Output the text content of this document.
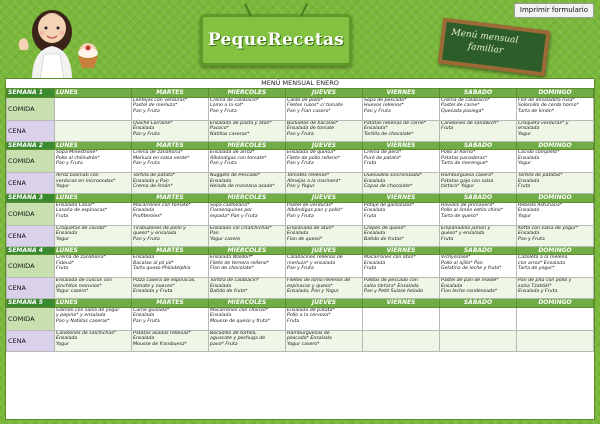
Imprimir formulario
PequeRecetas	Menú mensual
familiar
MENÚ MENSUAL ENERO
SEMANA 1	LUNES	MARTES	MIÉRCOLES	JUEVES	VIERNES	SÁBADO	DOMINGO
COMIDA		Lentejas con verduras*
Pastel de merluza*
Pan y Fruta	Crema de calabacín*
Lomo a la sal*
Pan y Fruta	Caldo de pollo*
Filetes rusos* c/ tomate
Pan y Flan casero*	Sopa de pescado*
Huevos rellenos*
Pan y Fruta	Crema de calabacín*
Pastel de carne*
Quesada pasiega*	Flor de ensaladilla rusa*
Solomillo de cerdo horno*
Tarta de limón*

CENA		Quiche Lorraine*
Ensalada
Pan y Fruta	Ensalada de pasta y atún*
Pacoco*
Natillas caseras*	Buñuelos de bacalao*
Ensalada de tomate
Pan y Fruta	Patatas rellenas de carne*
Ensalada*
Tortilla de chocolate*	Canelones de sándwich*
Fruta	Croqueta verduras* y
ensalada
Yogur

SEMANA 2	LUNES	MARTES	MIÉRCOLES	JUEVES	VIERNES	SÁBADO	DOMINGO
COMIDA	Sopa Minestrone*
Pollo al chilindrón*
Pan y Fruta	Crema de zanahoria*
Merluza en salsa verde*
Pan y Fruta	Ensalada de arroz*
Albóndigas con tomate*
Pan y Fruta	Ensalada de quinoa*
Filete de pollo relleno*
Pan y Fruta	Crema de pera*
Puré de patata*
Fruta	Pollo al horno*
Patatas panaderas*
Tarta de merengue*	Cocido completo*
Ensalada
Yogur

CENA	Arroz basmati con
verduras en microondas*
Yogur	Tortilla de patata*
Ensalada y Pan
Crema de limón*	Nuggets de Pescado*
Ensalada
Helado de manzana asada*	Tomates rellenos*
Almejas a la marinera*
Pan y Yogur	Quesadilla sincronizada*
Ensalada
Copas de chocolate*	Hamburguesa casera*
Patatas gajo con salsa
tártara* Yogur	Tortilla de patatas*
Ensalada
Fruta

SEMANA 3	LUNES	MARTES	MIÉRCOLES	JUEVES	VIERNES	SÁBADO	DOMINGO
COMIDA	Ensalada César*
Lasaña de espinacas*
Fruta	Macarrones con tomate*
Ensalada
Profiteroles*	Sopa castellana*
Flamenquines por
espada* Pan y Fruta	Pastel de verduras*
Albóndigas pan y pollo*
Pan y Fruta	Potaje de garbanzos*
Ensalada
Fruta	Raviolis de primavera*
Pollo al limón estilo chino*
Tarta de queso*	Rebeda Asturiana*
Ensalada
Yogur

CENA	Croquetas de cocido*
Ensalada
Yogur	Tirabuzones de pollo y
queso* y ensalada
Pan y Fruta	Ensalada col c/salchichas*
Pan
Yogur casero	Empanada de atún*
Ensalada
Flan de queso*	Crepes de queso*
Ensalada
Batido de frutas*	Empanadilla jamón y
queso* y ensalada
Fruta	Kefta con salsa de yogur*
Ensalada
Pan y Fruta

SEMANA 4	LUNES	MARTES	MIÉRCOLES	JUEVES	VIERNES	SÁBADO	DOMINGO
COMIDA	Crema de zanahoria*
Fideuá*
Fruta	Ensalada
Bacalao al pil pil*
Tarta queso Philadelphia	Ensalada Waldorf*
Filete de ternera relleno*
Flan de chocolate*	Calabacines rellenos de
merluza* y ensalada
Pan y Fruta	Macarrones con atún*
Ensalada
Fruta	Vichyssoise*
Pollo al ajillo* Pan
Gelatina de leche y fruta*	Cazoleta a la melena
con arroz* Ensalada
Tarta de yogur*

CENA	Ensalada de cuscús con
pinchitos morunos*
Yogur casero*	Pizza casera de espinacas,
tomate y nueces*
Ensalada y Fruta	Tortilla de calabacín*
Ensalada
Batido de fruta*	Filetes de lomo rellenos de
espinacas y queso*
Ensalada, Pan y Yogur	Palitos de pescado con
salsa tártara* Ensalada
Pan y Petit Suisse helado	Pastel de pan de molde*
Ensalada
Flan leche condensada*	Pan de pita con pollo y
salsa Tzatziki*
Ensalada y Fruta

SEMANA 5	LUNES	MARTES	MIÉRCOLES	JUEVES	VIERNES	SÁBADO	DOMINGO
COMIDA	Salmón con salsa de yogur
y pepino* y ensalada
Pan y Natillas caseras*	Carne guisada*
Ensalada
Pan y Fruta	Macarrones con chorizo*
Ensalada
Mousse de queso y fruta*	Ensalada de patata*
Pollo a la cerveza*
Fruta			

CENA	Canelones de salchichas*
Ensalada
Yogur	Patatas asadas rellenas*
Ensalada
Mousse de frambuesa*	Bocadillo de tortilla,
aguacate y pechuga de
pavo* Fruta	Hamburguesas de
pescado* Ensalada
Yogur casero*			
